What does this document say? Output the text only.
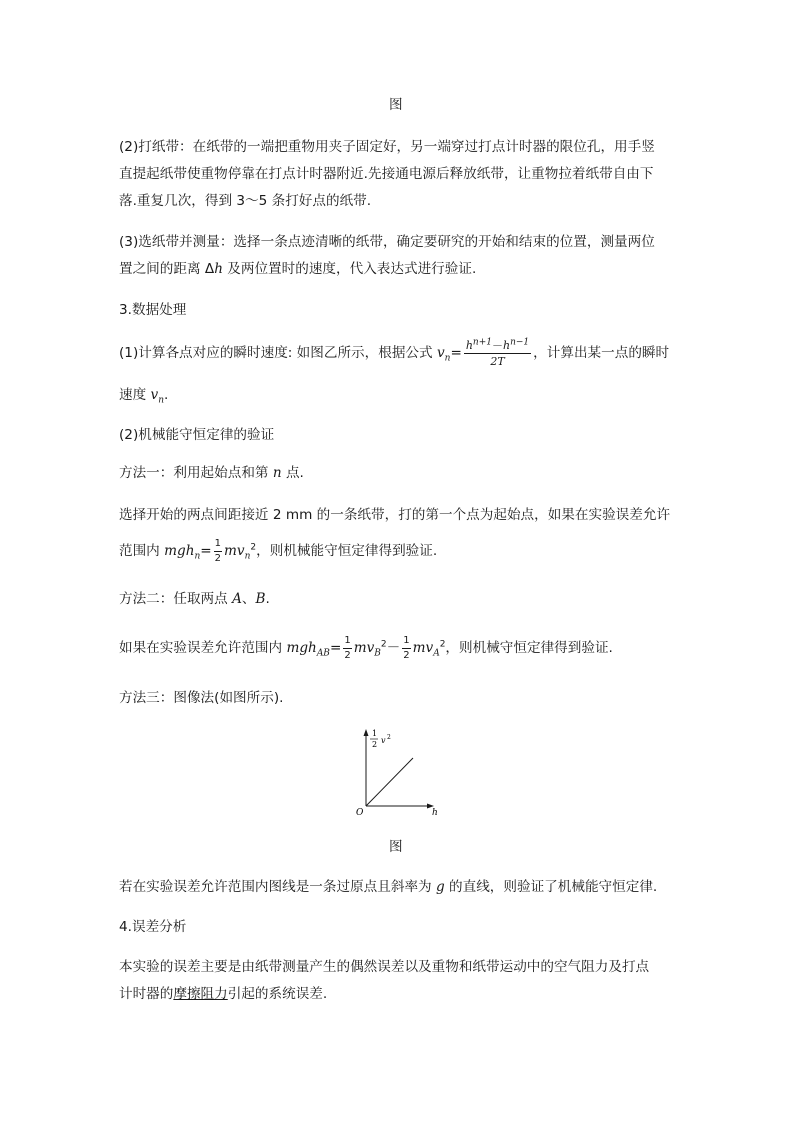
图
(2)打纸带：在纸带的一端把重物用夹子固定好，另一端穿过打点计时器的限位孔，用手竖
直提起纸带使重物停靠在打点计时器附近.先接通电源后释放纸带，让重物拉着纸带自由下
落.重复几次，得到 3～5 条打好点的纸带.
(3)选纸带并测量：选择一条点迹清晰的纸带，确定要研究的开始和结束的位置，测量两位
置之间的距离 Δh 及两位置时的速度，代入表达式进行验证.
3.数据处理
(1)计算各点对应的瞬时速度: 如图乙所示，根据公式 $v_n= \frac{h^{n+1}-h^{n-1}}{2T}$ ，计算出某一点的瞬时
速度 $v_n$.
(2)机械能守恒定律的验证
方法一：利用起始点和第 n 点.
选择开始的两点间距接近 2 mm 的一条纸带，打的第一个点为起始点，如果在实验误差允许
范围内 $mgh_n= \frac{1}{2} mv_n^2$，则机械能守恒定律得到验证.
方法二：任取两点 A、B.
如果在实验误差允许范围内 $mgh_{AB}= \frac{1}{2} mv_B^2- \frac{1}{2} mv_A^2$，则机械守恒定律得到验证.
方法三：图像法(如图所示).
1
2 v 2
O	h
图
若在实验误差允许范围内图线是一条过原点且斜率为 g 的直线，则验证了机械能守恒定律.
4.误差分析
本实验的误差主要是由纸带测量产生的偶然误差以及重物和纸带运动中的空气阻力及打点
计时器的摩擦阻力引起的系统误差.
